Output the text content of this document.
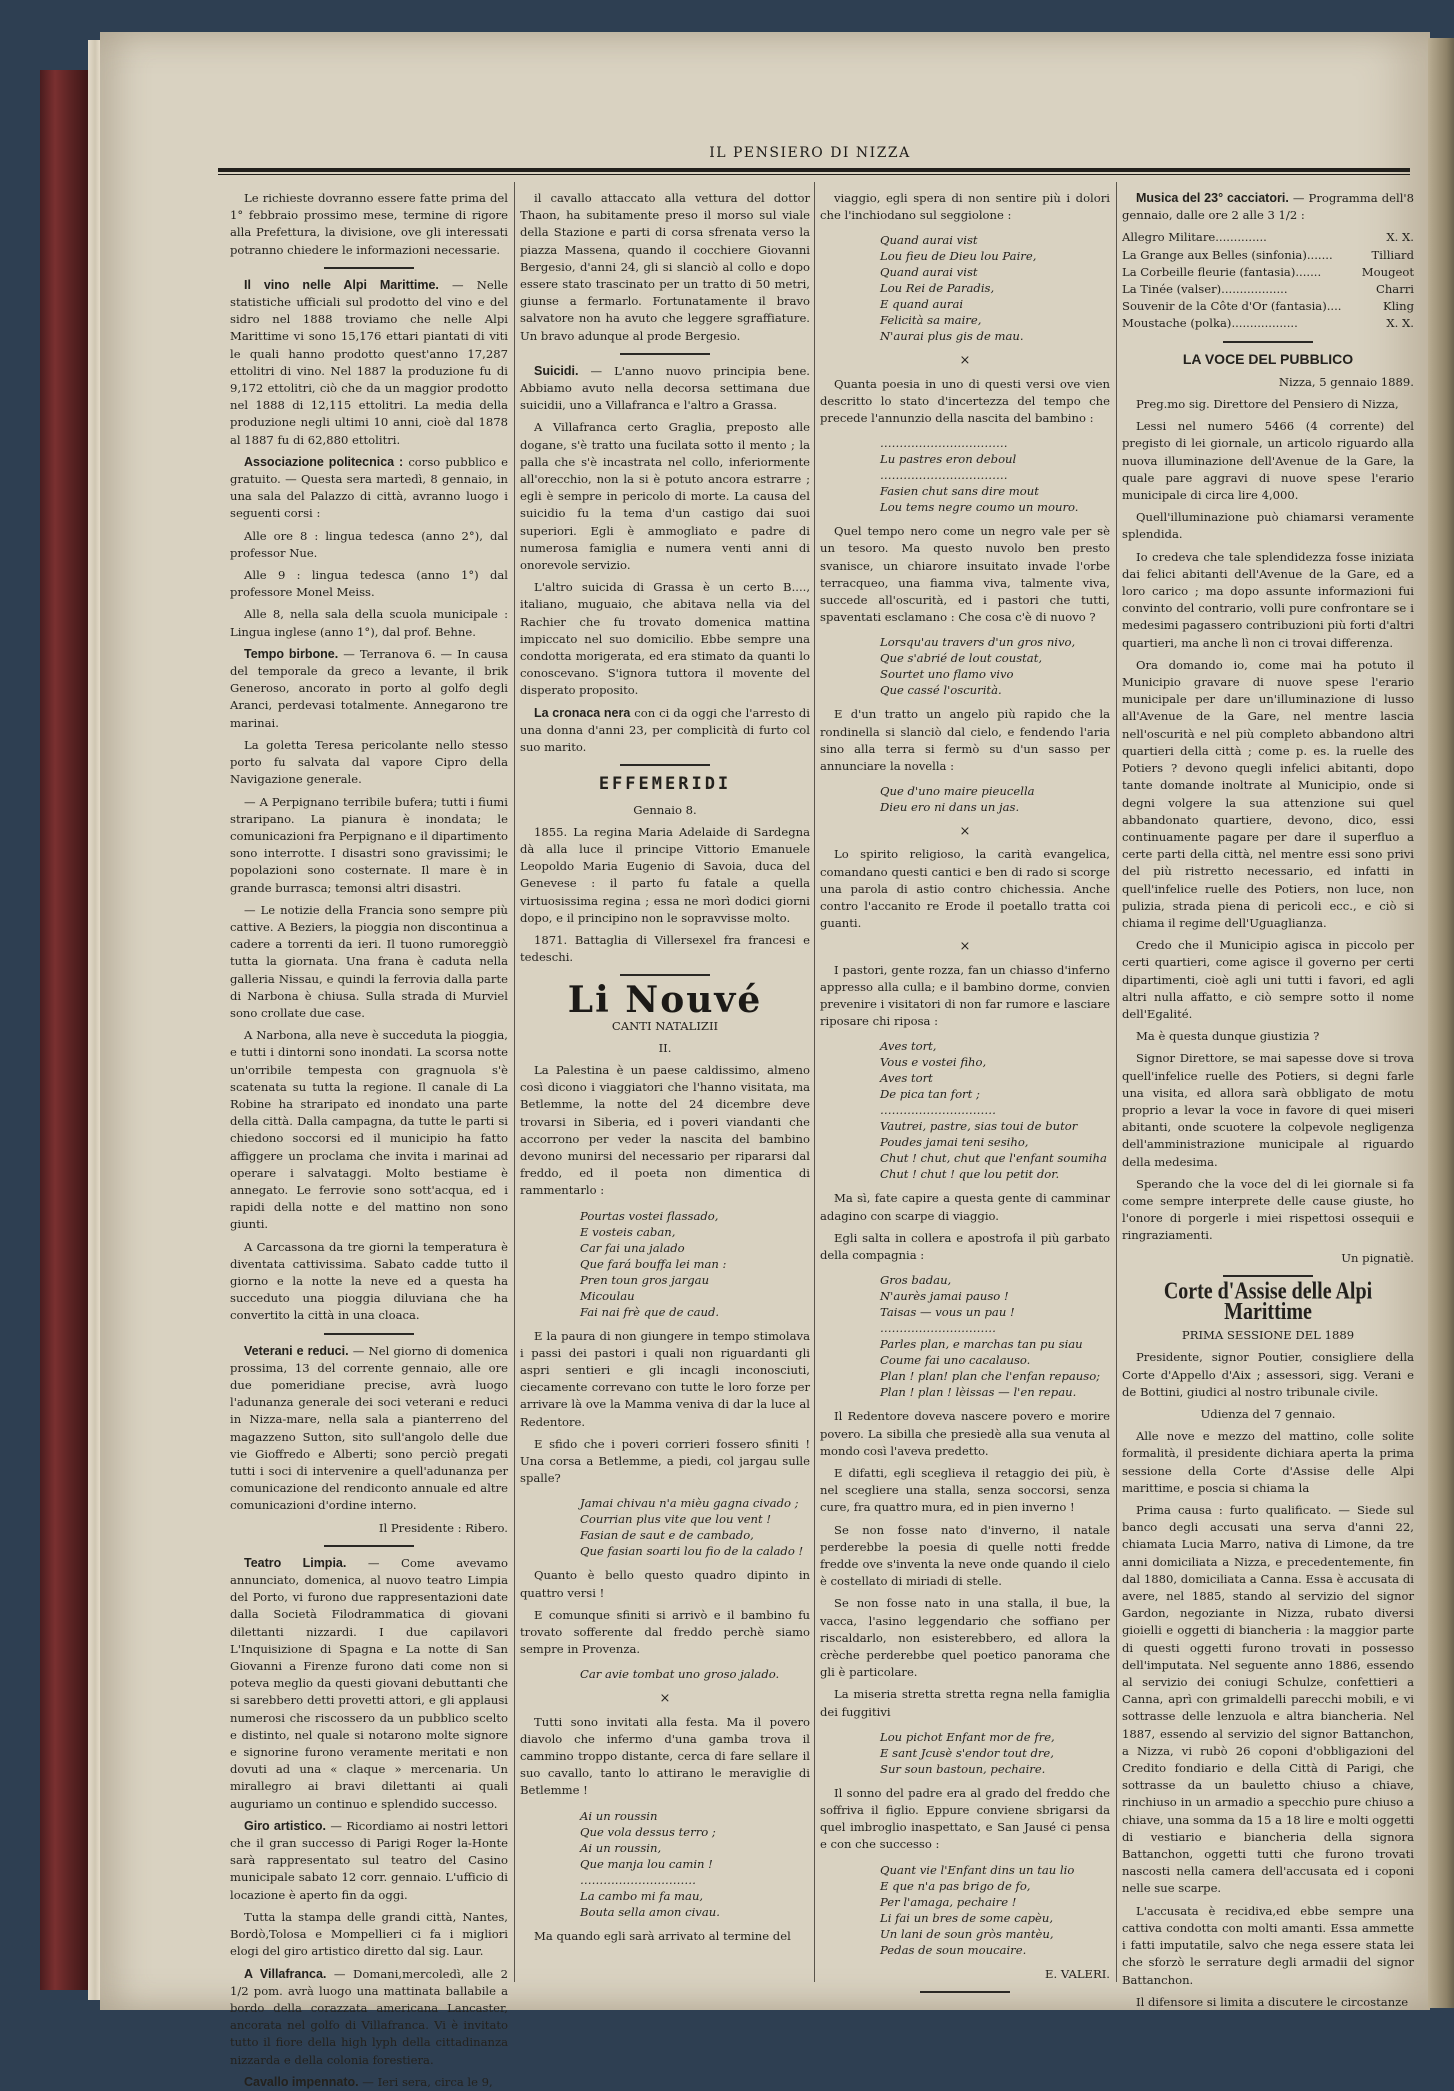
IL PENSIERO DI NIZZA

Le richieste dovranno essere fatte prima del 1° febbraio prossimo mese, termine di rigore alla Prefettura, la divisione, ove gli interessati potranno chiedere le informazioni necessarie.

Il vino nelle Alpi Marittime. — Nelle statistiche ufficiali sul prodotto del vino e del sidro nel 1888 troviamo che nelle Alpi Marittime vi sono 15,176 ettari piantati di viti le quali hanno prodotto quest'anno 17,287 ettolitri di vino. Nel 1887 la produzione fu di 9,172 ettolitri, ciò che da un maggior prodotto nel 1888 di 12,115 ettolitri. La media della produzione negli ultimi 10 anni, cioè dal 1878 al 1887 fu di 62,880 ettolitri.

Associazione politecnica : corso pubblico e gratuito. — Questa sera martedì, 8 gennaio, in una sala del Palazzo di città, avranno luogo i seguenti corsi :

Alle ore 8 : lingua tedesca (anno 2°), dal professor Nue.

Alle 9 : lingua tedesca (anno 1°) dal professore Monel Meiss.

Alle 8, nella sala della scuola municipale : Lingua inglese (anno 1°), dal prof. Behne.

Tempo birbone. — Terranova 6. — In causa del temporale da greco a levante, il brik Generoso, ancorato in porto al golfo degli Aranci, perdevasi totalmente. Annegarono tre marinai.

La goletta Teresa pericolante nello stesso porto fu salvata dal vapore Cipro della Navigazione generale.

— A Perpignano terribile bufera; tutti i fiumi straripano. La pianura è inondata; le comunicazioni fra Perpignano e il dipartimento sono interrotte. I disastri sono gravissimi; le popolazioni sono costernate. Il mare è in grande burrasca; temonsi altri disastri.

— Le notizie della Francia sono sempre più cattive. A Beziers, la pioggia non discontinua a cadere a torrenti da ieri. Il tuono rumoreggiò tutta la giornata. Una frana è caduta nella galleria Nissau, e quindi la ferrovia dalla parte di Narbona è chiusa. Sulla strada di Murviel sono crollate due case.

A Narbona, alla neve è succeduta la pioggia, e tutti i dintorni sono inondati. La scorsa notte un'orribile tempesta con gragnuola s'è scatenata su tutta la regione. Il canale di La Robine ha straripato ed inondato una parte della città. Dalla campagna, da tutte le parti si chiedono soccorsi ed il municipio ha fatto affiggere un proclama che invita i marinai ad operare i salvataggi. Molto bestiame è annegato. Le ferrovie sono sott'acqua, ed i rapidi della notte e del mattino non sono giunti.

A Carcassona da tre giorni la temperatura è diventata cattivissima. Sabato cadde tutto il giorno e la notte la neve ed a questa ha succeduto una pioggia diluviana che ha convertito la città in una cloaca.

Veterani e reduci. — Nel giorno di domenica prossima, 13 del corrente gennaio, alle ore due pomeridiane precise, avrà luogo l'adunanza generale dei soci veterani e reduci in Nizza-mare, nella sala a pianterreno del magazzeno Sutton, sito sull'angolo delle due vie Gioffredo e Alberti; sono perciò pregati tutti i soci di intervenire a quell'adunanza per comunicazione del rendiconto annuale ed altre comunicazioni d'ordine interno.

Il Presidente : Ribero.

Teatro Limpia. — Come avevamo annunciato, domenica, al nuovo teatro Limpia del Porto, vi furono due rappresentazioni date dalla Società Filodrammatica di giovani dilettanti nizzardi. I due capilavori L'Inquisizione di Spagna e La notte di San Giovanni a Firenze furono dati come non si poteva meglio da questi giovani debuttanti che si sarebbero detti provetti attori, e gli applausi numerosi che riscossero da un pubblico scelto e distinto, nel quale si notarono molte signore e signorine furono veramente meritati e non dovuti ad una « claque » mercenaria. Un mirallegro ai bravi dilettanti ai quali auguriamo un continuo e splendido successo.

Giro artistico. — Ricordiamo ai nostri lettori che il gran successo di Parigi Roger la-Honte sarà rappresentato sul teatro del Casino municipale sabato 12 corr. gennaio. L'ufficio di locazione è aperto fin da oggi.

Tutta la stampa delle grandi città, Nantes, Bordò,Tolosa e Mompellieri ci fa i migliori elogi del giro artistico diretto dal sig. Laur.

A Villafranca. — Domani,mercoledì, alle 2 1/2 pom. avrà luogo una mattinata ballabile a bordo della corazzata americana Lancaster, ancorata nel golfo di Villafranca. Vi è invitato tutto il fiore della high lyph della cittadinanza nizzarda e della colonia forestiera.

Cavallo impennato. — Ieri sera, circa le 9,

il cavallo attaccato alla vettura del dottor Thaon, ha subitamente preso il morso sul viale della Stazione e parti di corsa sfrenata verso la piazza Massena, quando il cocchiere Giovanni Bergesio, d'anni 24, gli si slanciò al collo e dopo essere stato trascinato per un tratto di 50 metri, giunse a fermarlo. Fortunatamente il bravo salvatore non ha avuto che leggere sgraffiature. Un bravo adunque al prode Bergesio.

Suicidi. — L'anno nuovo principia bene. Abbiamo avuto nella decorsa settimana due suicidii, uno a Villafranca e l'altro a Grassa.

A Villafranca certo Graglia, preposto alle dogane, s'è tratto una fucilata sotto il mento ; la palla che s'è incastrata nel collo, inferiormente all'orecchio, non la si è potuto ancora estrarre ; egli è sempre in pericolo di morte. La causa del suicidio fu la tema d'un castigo dai suoi superiori. Egli è ammogliato e padre di numerosa famiglia e numera venti anni di onorevole servizio.

L'altro suicida di Grassa è un certo B...., italiano, muguaio, che abitava nella via del Rachier che fu trovato domenica mattina impiccato nel suo domicilio. Ebbe sempre una condotta morigerata, ed era stimato da quanti lo conoscevano. S'ignora tuttora il movente del disperato proposito.

La cronaca nera con ci da oggi che l'arresto di una donna d'anni 23, per complicità di furto col suo marito.

EFFEMERIDI

Gennaio 8.

1855. La regina Maria Adelaide di Sardegna dà alla luce il principe Vittorio Emanuele Leopoldo Maria Eugenio di Savoia, duca del Genevese : il parto fu fatale a quella virtuosissima regina ; essa ne morì dodici giorni dopo, e il principino non le sopravvisse molto.

1871. Battaglia di Villersexel fra francesi e tedeschi.

Li Nouvé

CANTI NATALIZII

II.

La Palestina è un paese caldissimo, almeno così dicono i viaggiatori che l'hanno visitata, ma Betlemme, la notte del 24 dicembre deve trovarsi in Siberia, ed i poveri viandanti che accorrono per veder la nascita del bambino devono munirsi del necessario per ripararsi dal freddo, ed il poeta non dimentica di rammentarlo :

Pourtas vostei flassado,
E vosteis caban,
Car fai una jalado
Que fará bouffa lei man :
Pren toun gros jargau
Micoulau
Fai nai frè que de caud.

E la paura di non giungere in tempo stimolava i passi dei pastori i quali non riguardanti gli aspri sentieri e gli incagli inconosciuti, ciecamente correvano con tutte le loro forze per arrivare là ove la Mamma veniva di dar la luce al Redentore.

E sfido che i poveri corrieri fossero sfiniti ! Una corsa a Betlemme, a piedi, col jargau sulle spalle?

Jamai chivau n'a mièu gagna civado ;
Courrian plus vite que lou vent !
Fasian de saut e de cambado,
Que fasian soarti lou fio de la calado !

Quanto è bello questo quadro dipinto in quattro versi !

E comunque sfiniti si arrivò e il bambino fu trovato sofferente dal freddo perchè siamo sempre in Provenza.

Car avie tombat uno groso jalado.
×

Tutti sono invitati alla festa. Ma il povero diavolo che infermo d'una gamba trova il cammino troppo distante, cerca di fare sellare il suo cavallo, tanto lo attirano le meraviglie di Betlemme !

Ai un roussin
Que vola dessus terro ;
Ai un roussin,
Que manja lou camin !
…………………………
La cambo mi fa mau,
Bouta sella amon civau.

Ma quando egli sarà arrivato al termine del

viaggio, egli spera di non sentire più i dolori che l'inchiodano sul seggiolone :

Quand aurai vist
Lou fieu de Dieu lou Paire,
Quand aurai vist
Lou Rei de Paradis,
E quand aurai
Felicità sa maire,
N'aurai plus gis de mau.
×

Quanta poesia in uno di questi versi ove vien descritto lo stato d'incertezza del tempo che precede l'annunzio della nascita del bambino :

……………………………
Lu pastres eron deboul
……………………………
Fasien chut sans dire mout
Lou tems negre coumo un mouro.

Quel tempo nero come un negro vale per sè un tesoro. Ma questo nuvolo ben presto svanisce, un chiarore insuitato invade l'orbe terracqueo, una fiamma viva, talmente viva, succede all'oscurità, ed i pastori che tutti, spaventati esclamano : Che cosa c'è di nuovo ?

Lorsqu'au travers d'un gros nivo,
Que s'abrié de lout coustat,
Sourtet uno flamo vivo
Que cassé l'oscurità.

E d'un tratto un angelo più rapido che la rondinella si slanciò dal cielo, e fendendo l'aria sino alla terra si fermò su d'un sasso per annunciare la novella :

Que d'uno maire pieucella
Dieu ero ni dans un jas.
×

Lo spirito religioso, la carità evangelica, comandano questi cantici e ben di rado si scorge una parola di astio contro chichessia. Anche contro l'accanito re Erode il poetallo tratta coi guanti.

×

I pastori, gente rozza, fan un chiasso d'inferno appresso alla culla; e il bambino dorme, convien prevenire i visitatori di non far rumore e lasciare riposare chi riposa :

Aves tort,
Vous e vostei fiho,
Aves tort
De pica tan fort ;
…………………………
Vautrei, pastre, sias toui de butor
Poudes jamai teni sesiho,
Chut ! chut, chut que l'enfant soumiha
Chut ! chut ! que lou petit dor.

Ma sì, fate capire a questa gente di camminar adagino con scarpe di viaggio.

Egli salta in collera e apostrofa il più garbato della compagnia :

Gros badau,
N'aurès jamai pauso !
Taisas — vous un pau !
…………………………
Parles plan, e marchas tan pu siau
Coume fai uno cacalauso.
Plan ! plan! plan che l'enfan repauso;
Plan ! plan ! lèissas — l'en repau.

Il Redentore doveva nascere povero e morire povero. La sibilla che presiedè alla sua venuta al mondo così l'aveva predetto.

E difatti, egli sceglieva il retaggio dei più, è nel scegliere una stalla, senza soccorsi, senza cure, fra quattro mura, ed in pien inverno !

Se non fosse nato d'inverno, il natale perderebbe la poesia di quelle notti fredde fredde ove s'inventa la neve onde quando il cielo è costellato di miriadi di stelle.

Se non fosse nato in una stalla, il bue, la vacca, l'asino leggendario che soffiano per riscaldarlo, non esisterebbero, ed allora la crèche perderebbe quel poetico panorama che gli è particolare.

La miseria stretta stretta regna nella famiglia dei fuggitivi

Lou pichot Enfant mor de fre,
E sant Jcusè s'endor tout dre,
Sur soun bastoun, pechaire.

Il sonno del padre era al grado del freddo che soffriva il figlio. Eppure conviene sbrigarsi da quel imbroglio inaspettato, e San Jausé ci pensa e con che successo :

Quant vie l'Enfant dins un tau lio
E que n'a pas brigo de fo,
Per l'amaga, pechaire !
Li fai un bres de some capèu,
Un lani de soun gròs mantèu,
Pedas de soun moucaire.

E. VALERI.

Musica del 23° cacciatori. — Programma dell'8 gennaio, dalle ore 2 alle 3 1/2 :

Allegro Militare..............	X. X.
La Grange aux Belles (sinfonia).......	Tilliard
La Corbeille fleurie (fantasia).......	Mougeot
La Tinée (valser)..................	Charri
Souvenir de la Côte d'Or (fantasia)....	Kling
Moustache (polka)..................	X. X.
LA VOCE DEL PUBBLICO

Nizza, 5 gennaio 1889.

Preg.mo sig. Direttore del Pensiero di Nizza,

Lessi nel numero 5466 (4 corrente) del pregisto di lei giornale, un articolo riguardo alla nuova illuminazione dell'Avenue de la Gare, la quale pare aggravi di nuove spese l'erario municipale di circa lire 4,000.

Quell'illuminazione può chiamarsi veramente splendida.

Io credeva che tale splendidezza fosse iniziata dai felici abitanti dell'Avenue de la Gare, ed a loro carico ; ma dopo assunte informazioni fui convinto del contrario, volli pure confrontare se i medesimi pagassero contribuzioni più forti d'altri quartieri, ma anche lì non ci trovai differenza.

Ora domando io, come mai ha potuto il Municipio gravare di nuove spese l'erario municipale per dare un'illuminazione di lusso all'Avenue de la Gare, nel mentre lascia nell'oscurità e nel più completo abbandono altri quartieri della città ; come p. es. la ruelle des Potiers ? devono quegli infelici abitanti, dopo tante domande inoltrate al Municipio, onde si degni volgere la sua attenzione sui quel abbandonato quartiere, devono, dico, essi continuamente pagare per dare il superfluo a certe parti della città, nel mentre essi sono privi del più ristretto necessario, ed infatti in quell'infelice ruelle des Potiers, non luce, non pulizia, strada piena di pericoli ecc., e ciò si chiama il regime dell'Uguaglianza.

Credo che il Municipio agisca in piccolo per certi quartieri, come agisce il governo per certi dipartimenti, cioè agli uni tutti i favori, ed agli altri nulla affatto, e ciò sempre sotto il nome dell'Egalité.

Ma è questa dunque giustizia ?

Signor Direttore, se mai sapesse dove si trova quell'infelice ruelle des Potiers, si degni farle una visita, ed allora sarà obbligato de motu proprio a levar la voce in favore di quei miseri abitanti, onde scuotere la colpevole negligenza dell'amministrazione municipale al riguardo della medesima.

Sperando che la voce del di lei giornale si fa come sempre interprete delle cause giuste, ho l'onore di porgerle i miei rispettosi ossequii e ringraziamenti.

Un pignatiè.

Corte d'Assise delle Alpi Marittime

PRIMA SESSIONE DEL 1889

Presidente, signor Poutier, consigliere della Corte d'Appello d'Aix ; assessori, sigg. Verani e de Bottini, giudici al nostro tribunale civile.

Udienza del 7 gennaio.

Alle nove e mezzo del mattino, colle solite formalità, il presidente dichiara aperta la prima sessione della Corte d'Assise delle Alpi marittime, e poscia si chiama la

Prima causa : furto qualificato. — Siede sul banco degli accusati una serva d'anni 22, chiamata Lucia Marro, nativa di Limone, da tre anni domiciliata a Nizza, e precedentemente, fin dal 1880, domiciliata a Canna. Essa è accusata di avere, nel 1885, stando al servizio del signor Gardon, negoziante in Nizza, rubato diversi gioielli e oggetti di biancheria : la maggior parte di questi oggetti furono trovati in possesso dell'imputata. Nel seguente anno 1886, essendo al servizio dei coniugi Schulze, confettieri a Canna, aprì con grimaldelli parecchi mobili, e vi sottrasse delle lenzuola e altra biancheria. Nel 1887, essendo al servizio del signor Battanchon, a Nizza, vi rubò 26 coponi d'obbligazioni del Credito fondiario e della Città di Parigi, che sottrasse da un bauletto chiuso a chiave, rinchiuso in un armadio a specchio pure chiuso a chiave, una somma da 15 a 18 lire e molti oggetti di vestiario e biancheria della signora Battanchon, oggetti tutti che furono trovati nascosti nella camera dell'accusata ed i coponi nelle sue scarpe.

L'accusata è recidiva,ed ebbe sempre una cattiva condotta con molti amanti. Essa ammette i fatti imputatile, salvo che nega essere stata lei che sforzò le serrature degli armadii del signor Battanchon.

Il difensore si limita a discutere le circostanze
